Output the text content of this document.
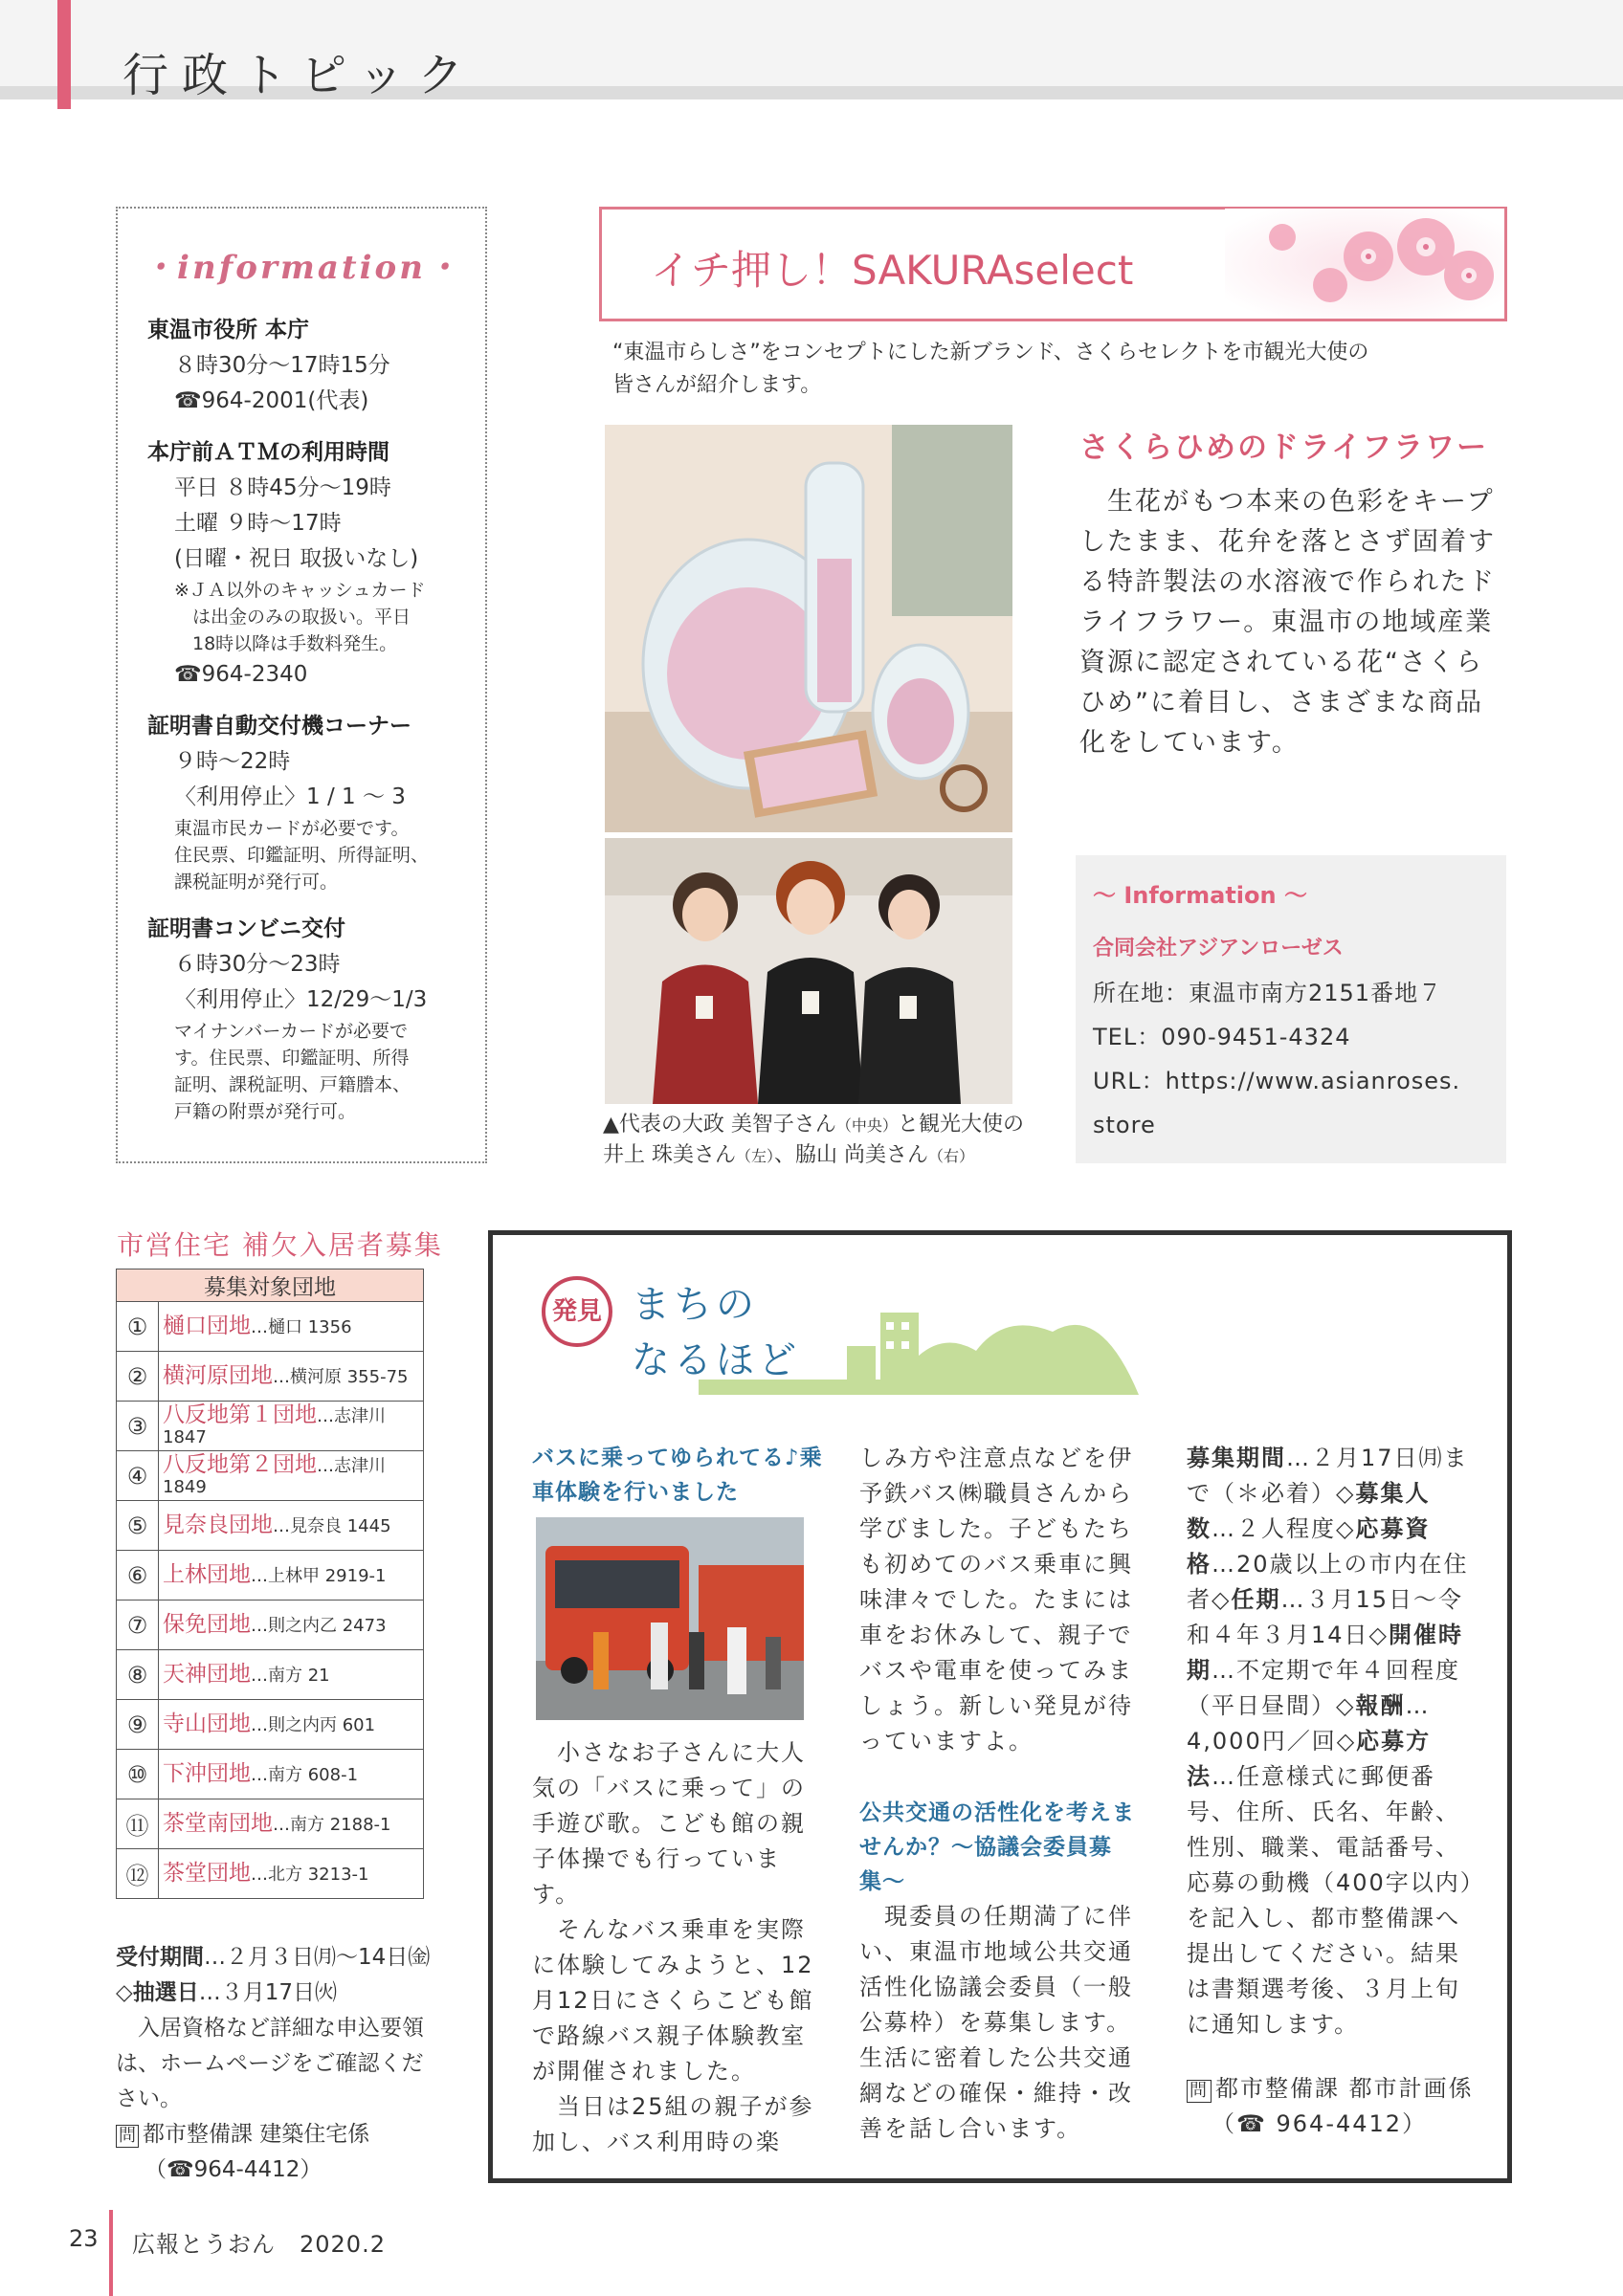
行政トピック
・information・
東温市役所 本庁
８時30分〜17時15分
☎964-2001(代表)
本庁前ＡＴＭの利用時間
平日 ８時45分〜19時
土曜 ９時〜17時
(日曜・祝日 取扱いなし)
※ＪＡ以外のキャッシュカード
　は出金のみの取扱い。平日
　18時以降は手数料発生。
☎964-2340
証明書自動交付機コーナー
９時〜22時
〈利用停止〉1 / 1 〜 3
東温市民カードが必要です。
住民票、印鑑証明、所得証明、
課税証明が発行可。
証明書コンビニ交付
６時30分〜23時
〈利用停止〉12/29〜1/3
マイナンバーカードが必要で
す。住民票、印鑑証明、所得
証明、課税証明、戸籍謄本、
戸籍の附票が発行可。
イチ押し！SAKURAselect
“東温市らしさ”をコンセプトにした新ブランド、さくらセレクトを市観光大使の皆さんが紹介します。
▲代表の大政 美智子さん（中央）と観光大使の井上 珠美さん（左）、脇山 尚美さん（右）
さくらひめのドライフラワー
　生花がもつ本来の色彩をキープしたまま、花弁を落とさず固着する特許製法の水溶液で作られたドライフラワー。東温市の地域産業資源に認定されている花“さくらひめ”に着目し、さまざまな商品化をしています。
〜 Information 〜
合同会社アジアンローゼス
所在地：東温市南方2151番地７
TEL：090-9451-4324
URL：https://www.asianroses.
store
市営住宅 補欠入居者募集
募集対象団地	
①	樋口団地…樋口 1356
②	横河原団地…横河原 355-75
③	八反地第１団地…志津川 1847
④	八反地第２団地…志津川 1849
⑤	見奈良団地…見奈良 1445
⑥	上林団地…上林甲 2919-1
⑦	保免団地…則之内乙 2473
⑧	天神団地…南方 21
⑨	寺山団地…則之内丙 601
⑩	下沖団地…南方 608-1
⑪	茶堂南団地…南方 2188-1
⑫	茶堂団地…北方 3213-1
受付期間…２月３日㈪〜14日㈮◇抽選日…３月17日㈫
　入居資格など詳細な申込要領は、ホームページをご確認ください。
問 都市整備課 建築住宅係
（☎964-4412）
発見 まちの
なるほど
バスに乗ってゆられてる♪乗車体験を行いました
　小さなお子さんに大人気の「バスに乗って」の手遊び歌。こども館の親子体操でも行っています。
　そんなバス乗車を実際に体験してみようと、12月12日にさくらこども館で路線バス親子体験教室が開催されました。
　当日は25組の親子が参加し、バス利用時の楽
しみ方や注意点などを伊予鉄バス㈱職員さんから学びました。子どもたちも初めてのバス乗車に興味津々でした。たまには車をお休みして、親子でバスや電車を使ってみましょう。新しい発見が待っていますよ。
公共交通の活性化を考えませんか？〜協議会委員募集〜
　現委員の任期満了に伴い、東温市地域公共交通活性化協議会委員（一般公募枠）を募集します。生活に密着した公共交通網などの確保・維持・改善を話し合います。
募集期間…２月17日㈪まで（＊必着）◇募集人数…２人程度◇応募資格…20歳以上の市内在住者◇任期…３月15日〜令和４年３月14日◇開催時期…不定期で年４回程度（平日昼間）◇報酬…4,000円／回◇応募方法…任意様式に郵便番号、住所、氏名、年齢、性別、職業、電話番号、応募の動機（400字以内）を記入し、都市整備課へ提出してください。結果は書類選考後、３月上旬に通知します。
問 都市整備課 都市計画係
（☎ 964-4412）
23 広報とうおん　2020.2
